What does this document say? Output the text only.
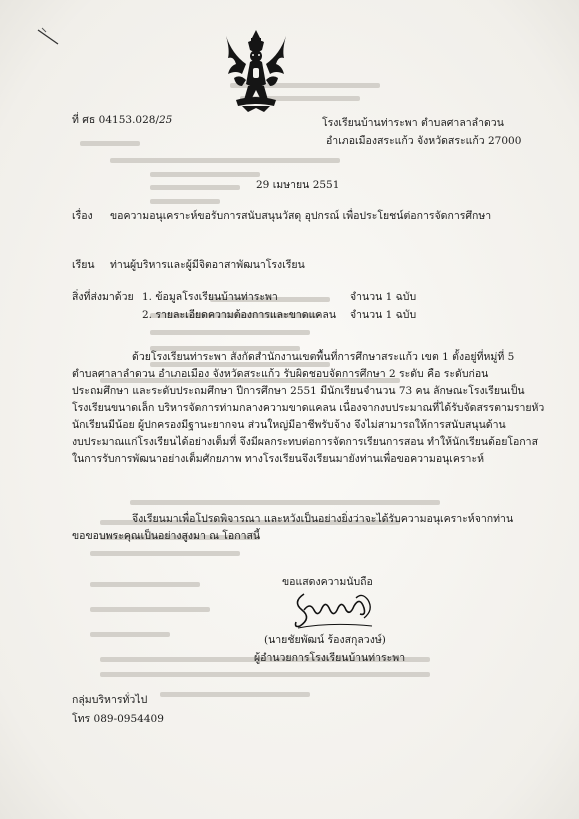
ที่ ศธ 04153.028/25	โรงเรียนบ้านท่าระพา ตำบลศาลาลำดวน
อำเภอเมืองสระแก้ว จังหวัดสระแก้ว 27000
29 เมษายน 2551
เรื่อง ขอความอนุเคราะห์ขอรับการสนับสนุนวัสดุ อุปกรณ์ เพื่อประโยชน์ต่อการจัดการศึกษา
เรียน ท่านผู้บริหารและผู้มีจิตอาสาพัฒนาโรงเรียน
สิ่งที่ส่งมาด้วย 1. ข้อมูลโรงเรียนบ้านท่าระพา	จำนวน 1 ฉบับ
2. รายละเอียดความต้องการและขาดแคลน จำนวน 1 ฉบับ
ด้วยโรงเรียนท่าระพา สังกัดสำนักงานเขตพื้นที่การศึกษาสระแก้ว เขต 1 ตั้งอยู่ที่หมู่ที่ 5
ตำบลศาลาลำดวน อำเภอเมือง จังหวัดสระแก้ว รับผิดชอบจัดการศึกษา 2 ระดับ คือ ระดับก่อน
ประถมศึกษา และระดับประถมศึกษา ปีการศึกษา 2551 มีนักเรียนจำนวน 73 คน ลักษณะโรงเรียนเป็น
โรงเรียนขนาดเล็ก บริหารจัดการท่ามกลางความขาดแคลน เนื่องจากงบประมาณที่ได้รับจัดสรรตามรายหัว
นักเรียนมีน้อย ผู้ปกครองมีฐานะยากจน ส่วนใหญ่มีอาชีพรับจ้าง จึงไม่สามารถให้การสนับสนุนด้าน
งบประมาณแก่โรงเรียนได้อย่างเต็มที่ จึงมีผลกระทบต่อการจัดการเรียนการสอน ทำให้นักเรียนด้อยโอกาส
ในการรับการพัฒนาอย่างเต็มศักยภาพ ทางโรงเรียนจึงเรียนมายังท่านเพื่อขอความอนุเคราะห์
จึงเรียนมาเพื่อโปรดพิจารณา และหวังเป็นอย่างยิ่งว่าจะได้รับความอนุเคราะห์จากท่าน
ขอขอบพระคุณเป็นอย่างสูงมา ณ โอกาสนี้
ขอแสดงความนับถือ
(นายชัยพัฒน์ ร้องสกุลวงษ์)
ผู้อำนวยการโรงเรียนบ้านท่าระพา
กลุ่มบริหารทั่วไป
โทร 089-0954409
